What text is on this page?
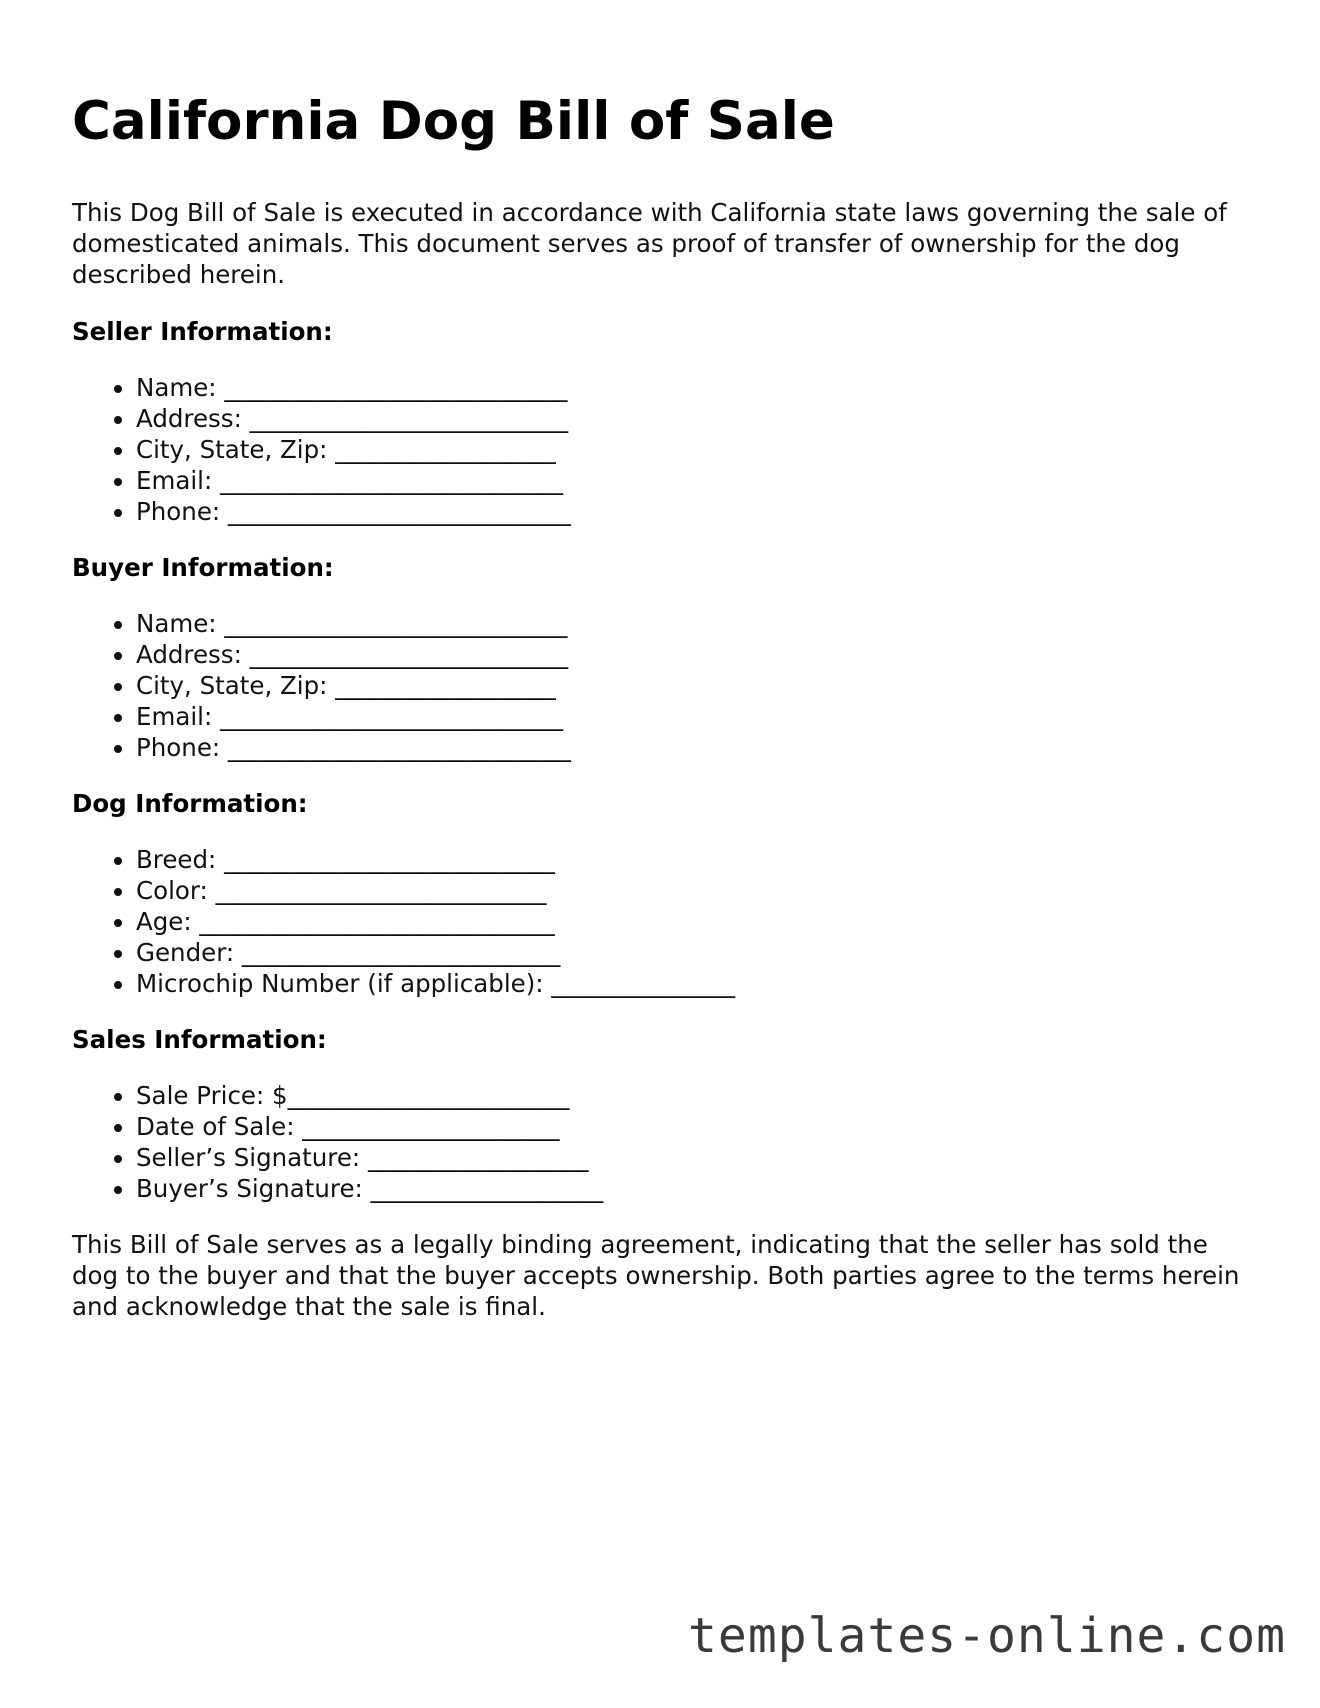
California Dog Bill of Sale

This Dog Bill of Sale is executed in accordance with California state laws governing the sale of domesticated animals. This document serves as proof of transfer of ownership for the dog described herein.

Seller Information:
• Name: ____________________________
• Address: __________________________
• City, State, Zip: __________________
• Email: ____________________________
• Phone: ____________________________
Buyer Information:
• Name: ____________________________
• Address: __________________________
• City, State, Zip: __________________
• Email: ____________________________
• Phone: ____________________________
Dog Information:
• Breed: ___________________________
• Color: ___________________________
• Age: _____________________________
• Gender: __________________________
• Microchip Number (if applicable): _______________
Sales Information:
• Sale Price: $_______________________
• Date of Sale: _____________________
• Seller’s Signature: __________________
• Buyer’s Signature: ___________________

This Bill of Sale serves as a legally binding agreement, indicating that the seller has sold the dog to the buyer and that the buyer accepts ownership. Both parties agree to the terms herein and acknowledge that the sale is final.

templates-online.com
